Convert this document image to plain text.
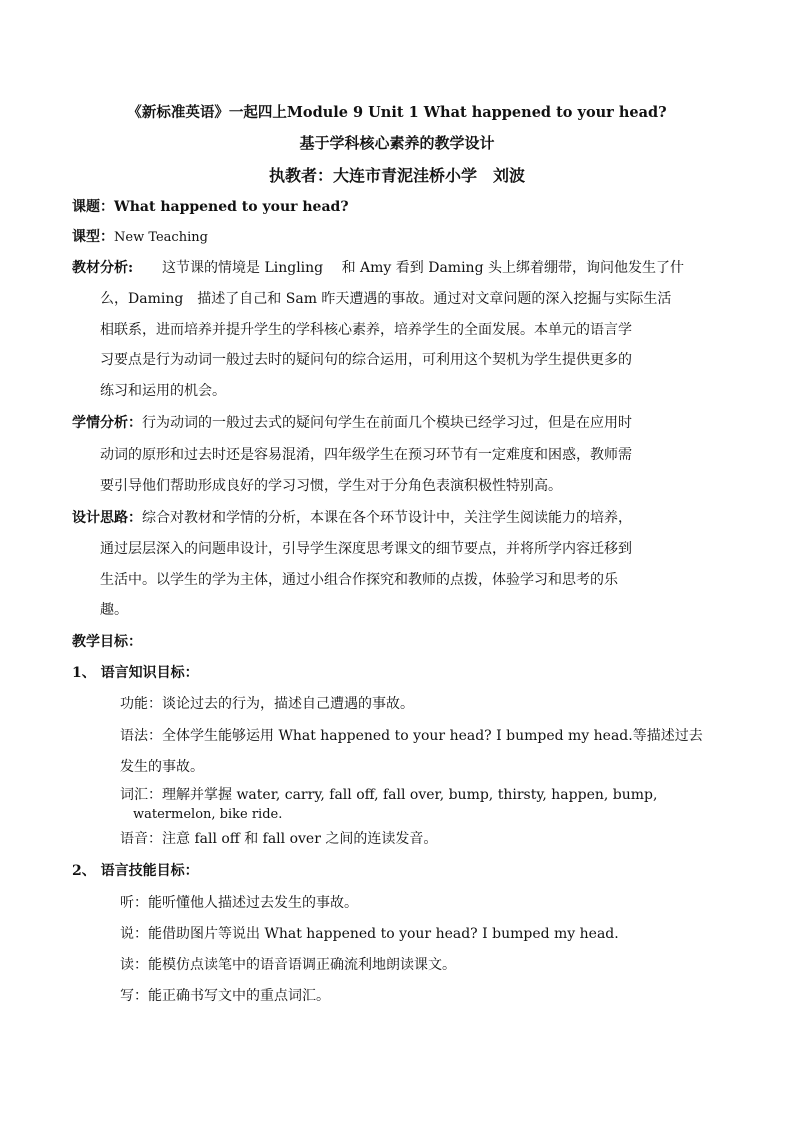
《新标准英语》一起四上Module 9 Unit 1 What happened to your head?
基于学科核心素养的教学设计
执教者：大连市青泥洼桥小学　刘波
课题：What happened to your head?
课型：New Teaching
教材分析: 这节课的情境是 Lingling　 和 Amy 看到 Daming 头上绑着绷带，询问他发生了什
么，Daming　描述了自己和 Sam 昨天遭遇的事故。通过对文章问题的深入挖掘与实际生活
相联系，进而培养并提升学生的学科核心素养，培养学生的全面发展。本单元的语言学
习要点是行为动词一般过去时的疑问句的综合运用，可利用这个契机为学生提供更多的
练习和运用的机会。
学情分析：行为动词的一般过去式的疑问句学生在前面几个模块已经学习过，但是在应用时
动词的原形和过去时还是容易混淆，四年级学生在预习环节有一定难度和困惑，教师需
要引导他们帮助形成良好的学习习惯，学生对于分角色表演积极性特别高。
设计思路：综合对教材和学情的分析，本课在各个环节设计中，关注学生阅读能力的培养，
通过层层深入的问题串设计，引导学生深度思考课文的细节要点，并将所学内容迁移到
生活中。以学生的学为主体，通过小组合作探究和教师的点拨，体验学习和思考的乐
趣。
教学目标：
1、 语言知识目标：
功能：谈论过去的行为，描述自己遭遇的事故。
语法：全体学生能够运用 What happened to your head? I bumped my head.等描述过去
发生的事故。
词汇：理解并掌握 water, carry, fall off, fall over, bump, thirsty, happen, bump,
watermelon, bike ride.
语音：注意 fall off 和 fall over 之间的连读发音。
2、 语言技能目标：
听：能听懂他人描述过去发生的事故。
说：能借助图片等说出 What happened to your head? I bumped my head.
读：能模仿点读笔中的语音语调正确流利地朗读课文。
写：能正确书写文中的重点词汇。
